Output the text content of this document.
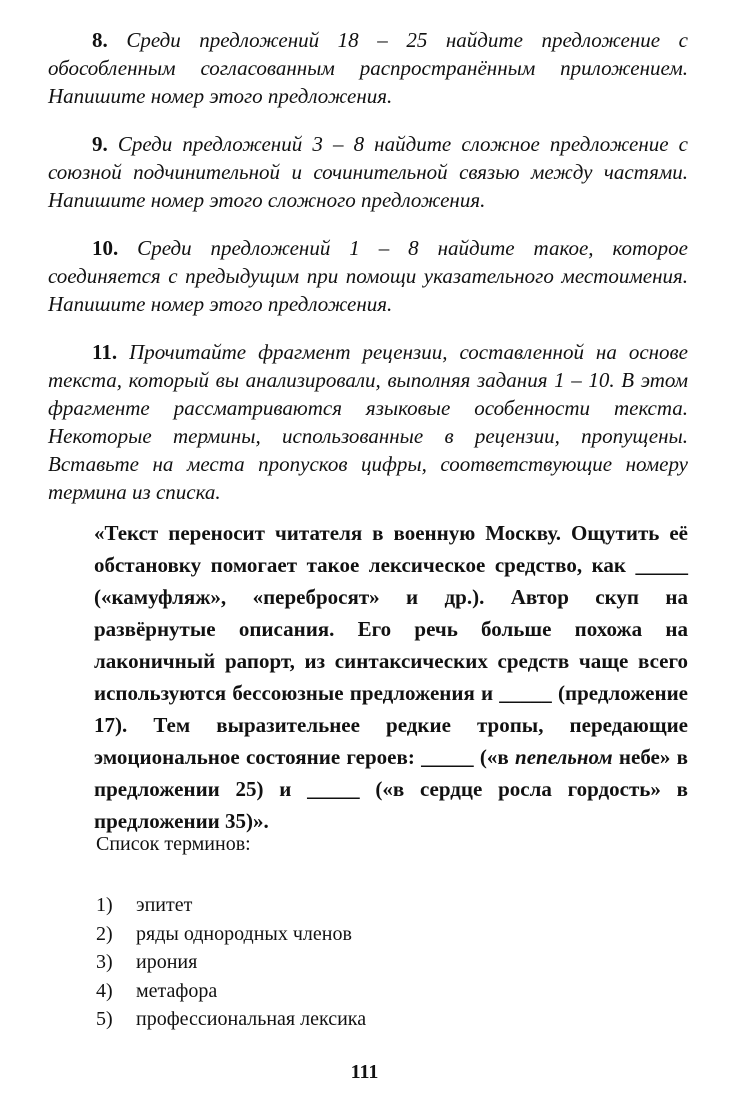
8. Среди предложений 18 – 25 найдите предложение с обособленным согласованным распространённым приложением. Напишите номер этого предложения.

9. Среди предложений 3 – 8 найдите сложное предложение с союзной подчинительной и сочинительной связью между частями. Напишите номер этого сложного предложения.

10. Среди предложений 1 – 8 найдите такое, которое соединяется с предыдущим при помощи указательного местоимения. Напишите номер этого предложения.

11. Прочитайте фрагмент рецензии, составленной на основе текста, который вы анализировали, выполняя задания 1 – 10. В этом фрагменте рассматриваются языковые особенности текста. Некоторые термины, использованные в рецензии, пропущены. Вставьте на места пропусков цифры, соответствующие номеру термина из списка.

«Текст переносит читателя в военную Москву. Ощутить её обстановку помогает такое лексическое средство, как _____ («камуфляж», «перебросят» и др.). Автор скуп на развёрнутые описания. Его речь больше похожа на лаконичный рапорт, из синтаксических средств чаще всего используются бессоюзные предложения и _____ (предложение 17). Тем выразительнее редкие тропы, передающие эмоциональное состояние героев: _____ («в пепельном небе» в предложении 25) и _____ («в сердце росла гордость» в предложении 35)».

Список терминов:
1)	эпитет
2)	ряды однородных членов
3)	ирония
4)	метафора
5)	профессиональная лексика
111
